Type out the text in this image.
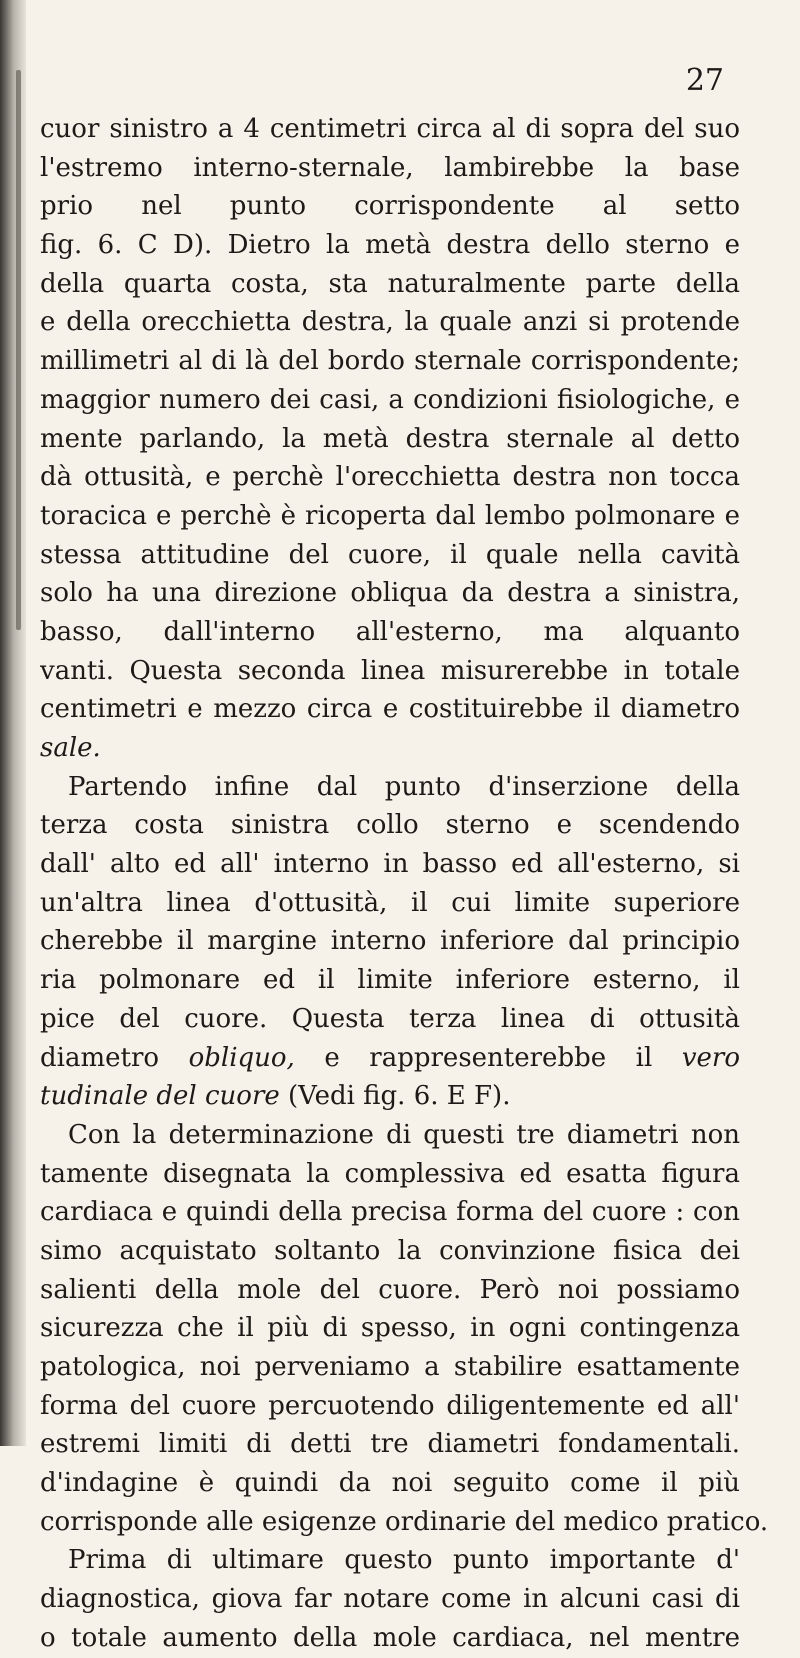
27
cuor sinistro a 4 centimetri circa al di sopra del suo
l'estremo interno-sternale, lambirebbe la base
prio nel punto corrispondente al setto
fig. 6. C D). Dietro la metà destra dello sterno e
della quarta costa, sta naturalmente parte della
e della orecchietta destra, la quale anzi si protende
millimetri al di là del bordo sternale corrispondente;
maggior numero dei casi, a condizioni fisiologiche, e
mente parlando, la metà destra sternale al detto
dà ottusità, e perchè l'orecchietta destra non tocca
toracica e perchè è ricoperta dal lembo polmonare e
stessa attitudine del cuore, il quale nella cavità
solo ha una direzione obliqua da destra a sinistra,
basso, dall'interno all'esterno, ma alquanto
vanti. Questa seconda linea misurerebbe in totale
centimetri e mezzo circa e costituirebbe il diametro
sale.
Partendo infine dal punto d'inserzione della
terza costa sinistra collo sterno e scendendo
dall' alto ed all' interno in basso ed all'esterno, si
un'altra linea d'ottusità, il cui limite superiore
cherebbe il margine interno inferiore dal principio
ria polmonare ed il limite inferiore esterno, il
pice del cuore. Questa terza linea di ottusità
diametro obliquo, e rappresenterebbe il vero
tudinale del cuore (Vedi fig. 6. E F).
Con la determinazione di questi tre diametri non
tamente disegnata la complessiva ed esatta figura
cardiaca e quindi della precisa forma del cuore : con
simo acquistato soltanto la convinzione fisica dei
salienti della mole del cuore. Però noi possiamo
sicurezza che il più di spesso, in ogni contingenza
patologica, noi perveniamo a stabilire esattamente
forma del cuore percuotendo diligentemente ed all'
estremi limiti di detti tre diametri fondamentali.
d'indagine è quindi da noi seguito come il più
corrisponde alle esigenze ordinarie del medico pratico.
Prima di ultimare questo punto importante d'
diagnostica, giova far notare come in alcuni casi di
o totale aumento della mole cardiaca, nel mentre
